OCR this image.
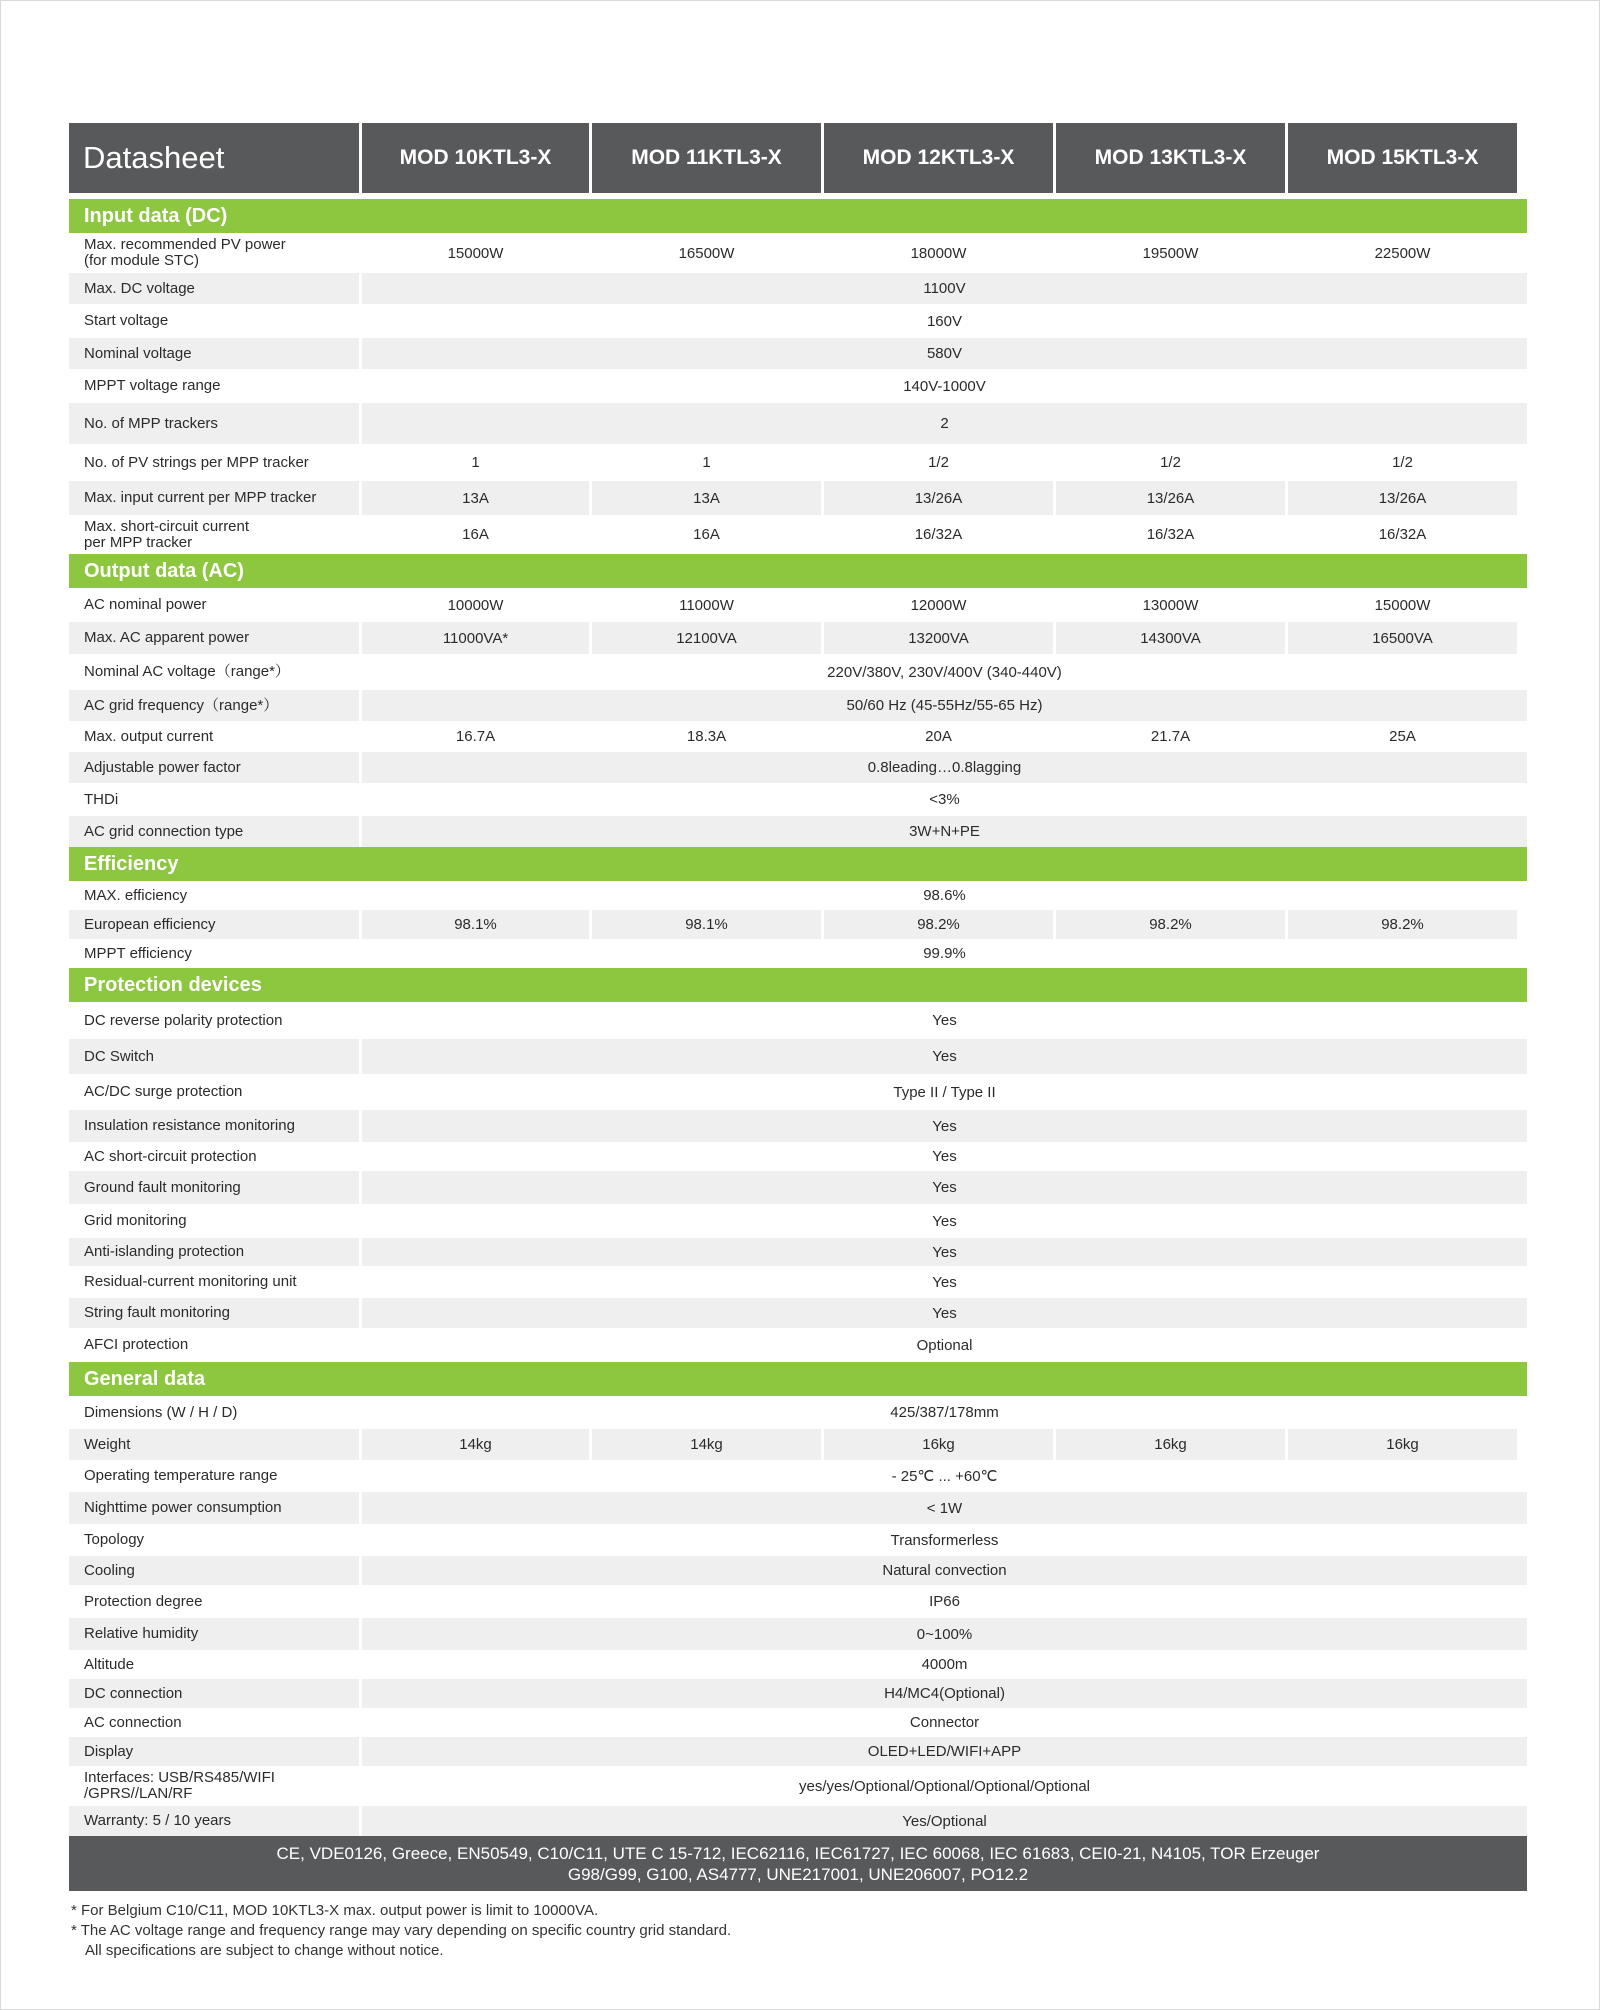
Datasheet	MOD 10KTL3-X	MOD 11KTL3-X	MOD 12KTL3-X	MOD 13KTL3-X	MOD 15KTL3-X
Input data (DC)
Max. recommended PV power
(for module STC)	15000W	16500W	18000W	19500W	22500W
Max. DC voltage	1100V
Start voltage	160V
Nominal voltage	580V
MPPT voltage range	140V-1000V
No. of MPP trackers	2
No. of PV strings per MPP tracker	1	1	1/2	1/2	1/2
Max. input current per MPP tracker	13A	13A	13/26A	13/26A	13/26A
Max. short-circuit current
per MPP tracker	16A	16A	16/32A	16/32A	16/32A
Output data (AC)
AC nominal power	10000W	11000W	12000W	13000W	15000W
Max. AC apparent power	11000VA*	12100VA	13200VA	14300VA	16500VA
Nominal AC voltage（range*）	220V/380V, 230V/400V (340-440V)
AC grid frequency（range*）	50/60 Hz (45-55Hz/55-65 Hz)
Max. output current	16.7A	18.3A	20A	21.7A	25A
Adjustable power factor	0.8leading…0.8lagging
THDi	<3%
AC grid connection type	3W+N+PE
Efficiency
MAX. efficiency	98.6%
European efficiency	98.1%	98.1%	98.2%	98.2%	98.2%
MPPT efficiency	99.9%
Protection devices
DC reverse polarity protection	Yes
DC Switch	Yes
AC/DC surge protection	Type II / Type II
Insulation resistance monitoring	Yes
AC short-circuit protection	Yes
Ground fault monitoring	Yes
Grid monitoring	Yes
Anti-islanding protection	Yes
Residual-current monitoring unit	Yes
String fault monitoring	Yes
AFCI protection	Optional
General data
Dimensions (W / H / D)	425/387/178mm
Weight	14kg	14kg	16kg	16kg	16kg
Operating temperature range	- 25℃ ... +60℃
Nighttime power consumption	< 1W
Topology	Transformerless
Cooling	Natural convection
Protection degree	IP66
Relative humidity	0~100%
Altitude	4000m
DC connection	H4/MC4(Optional)
AC connection	Connector
Display	OLED+LED/WIFI+APP
Interfaces: USB/RS485/WIFI
/GPRS//LAN/RF	yes/yes/Optional/Optional/Optional/Optional
Warranty: 5 / 10 years	Yes/Optional
CE, VDE0126, Greece, EN50549, C10/C11, UTE C 15-712, IEC62116, IEC61727, IEC 60068, IEC 61683, CEI0-21, N4105, TOR Erzeuger
G98/G99, G100, AS4777, UNE217001, UNE206007, PO12.2
* For Belgium C10/C11, MOD 10KTL3-X max. output power is limit to 10000VA.
* The AC voltage range and frequency range may vary depending on specific country grid standard.
All specifications are subject to change without notice.
